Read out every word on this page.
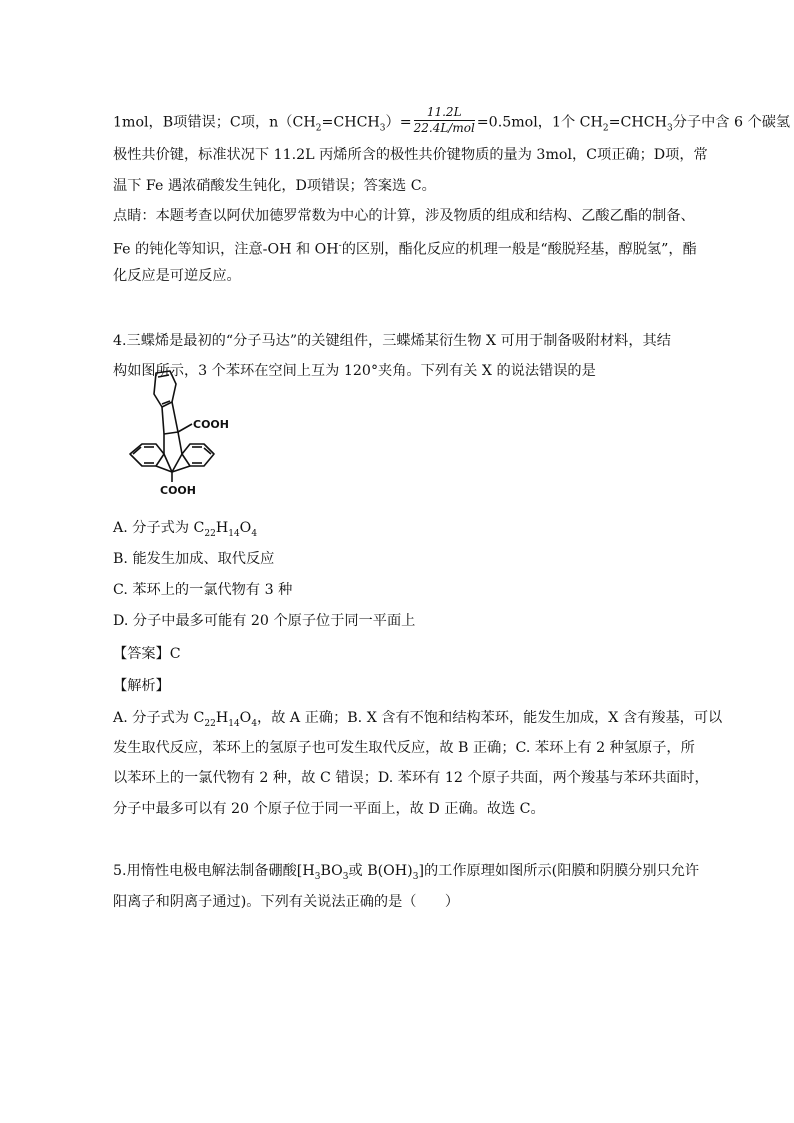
1mol，B项错误；C项，$n(CH_2=CHCH_3)= \frac{11.2L}{\text{22.4L/mol}} =0.5mol$，1个 $CH_2=CHCH_3$分子中含 6 个碳氢
极性共价键，标准状况下 11.2L 丙烯所含的极性共价键物质的量为 3mol，C项正确；D项，常
温下 Fe 遇浓硝酸发生钝化，D项错误；答案选 C。
点睛：本题考查以阿伏加德罗常数为中心的计算，涉及物质的组成和结构、乙酸乙酯的制备、
Fe 的钝化等知识，注意-OH 和 OH-的区别，酯化反应的机理一般是“酸脱羟基，醇脱氢”，酯
化反应是可逆反应。
4.三蝶烯是最初的“分子马达”的关键组件，三蝶烯某衍生物 X 可用于制备吸附材料，其结
构如图所示，3 个苯环在空间上互为 120°夹角。下列有关 X 的说法错误的是
COOH
COOH
A. 分子式为 $C_{22}H_{14}O_4$
B. 能发生加成、取代反应
C. 苯环上的一氯代物有 3 种
D. 分子中最多可能有 20 个原子位于同一平面上
【答案】C
【解析】
A. 分子式为 $C_{22}H_{14}O_4$，故 A 正确；B. X 含有不饱和结构苯环，能发生加成，X 含有羧基，可以
发生取代反应，苯环上的氢原子也可发生取代反应，故 B 正确；C. 苯环上有 2 种氢原子，所
以苯环上的一氯代物有 2 种，故 C 错误；D. 苯环有 12 个原子共面，两个羧基与苯环共面时，
分子中最多可以有 20 个原子位于同一平面上，故 D 正确。故选 C。
5.用惰性电极电解法制备硼酸[$H_3BO_3$或 $B(OH)_3$]的工作原理如图所示(阳膜和阴膜分别只允许
阳离子和阴离子通过)。下列有关说法正确的是（　　）
